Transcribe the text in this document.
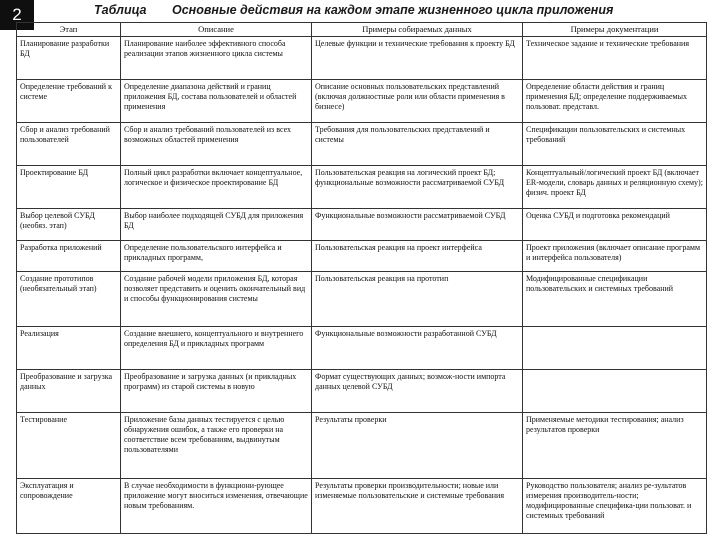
2	Таблица Основные действия на каждом этапе жизненного цикла приложения
Этап	Описание	Примеры собираемых данных	Примеры документации
Планирование разработки БД	Планирование наиболее эффективного способа реализации этапов жизненного цикла системы	Целевые функции и технические требования к проекту БД	Техническое задание и технические требования
Определение требований к системе	Определение диапазона действий и границ приложения БД, состава пользователей и областей применения	Описание основных пользовательских представлений (включая должностные роли или области применения в бизнесе)	Определение области действия и границ применения БД; определение поддерживаемых пользоват. представл.
Сбор и анализ требований пользователей	Сбор и анализ требований пользователей из всех возможных областей применения	Требования для пользовательских представлений и системы	Спецификации пользовательских и системных требований
Проектирование БД	Полный цикл разработки включает концептуальное, логическое и физическое проектирование БД	Пользовательская реакция на логический проект БД; функциональные возможности рассматриваемой СУБД	Концептуальный/логический проект БД (включает ER-модели, словарь данных и реляционную схему); физич. проект БД
Выбор целевой СУБД (необяз. этап)	Выбор наиболее подходящей СУБД для приложения БД	Функциональные возможности рассматриваемой СУБД	Оценка СУБД и подготовка рекомендаций
Разработка приложений	Определение пользовательского интерфейса и прикладных программ,	Пользовательская реакция на проект интерфейса	Проект приложения (включает описание программ и интерфейса пользователя)
Создание прототипов (необязательный этап)	Создание рабочей модели приложения БД, которая позволяет представить и оценить окончательный вид и способы функционирования системы	Пользовательская реакция на прототип	Модифицированные спецификации пользовательских и системных требований
Реализация	Создание внешнего, концептуального и внутреннего определения БД и прикладных программ	Функциональные возможности разработанной СУБД	
Преобразование и загрузка данных	Преобразование и загрузка данных (и прикладных программ) из старой системы в новую	Формат существующих данных; возмож-ности импорта данных целевой СУБД	
Тестирование	Приложение базы данных тестируется с целью обнаружения ошибок, а также его проверки на соответствие всем требованиям, выдвинутым пользователями	Результаты проверки	Применяемые методики тестирования; анализ результатов проверки
Эксплуатация и сопровождение	В случае необходимости в функциони-рующее приложение могут вноситься изменения, отвечающие новым требованиям.	Результаты проверки производительности; новые или изменяемые пользовательские и системные требования	Руководство пользователя; анализ ре-зультатов измерения производитель-ности; модифицированные специфика-ции пользоват. и системных требований
